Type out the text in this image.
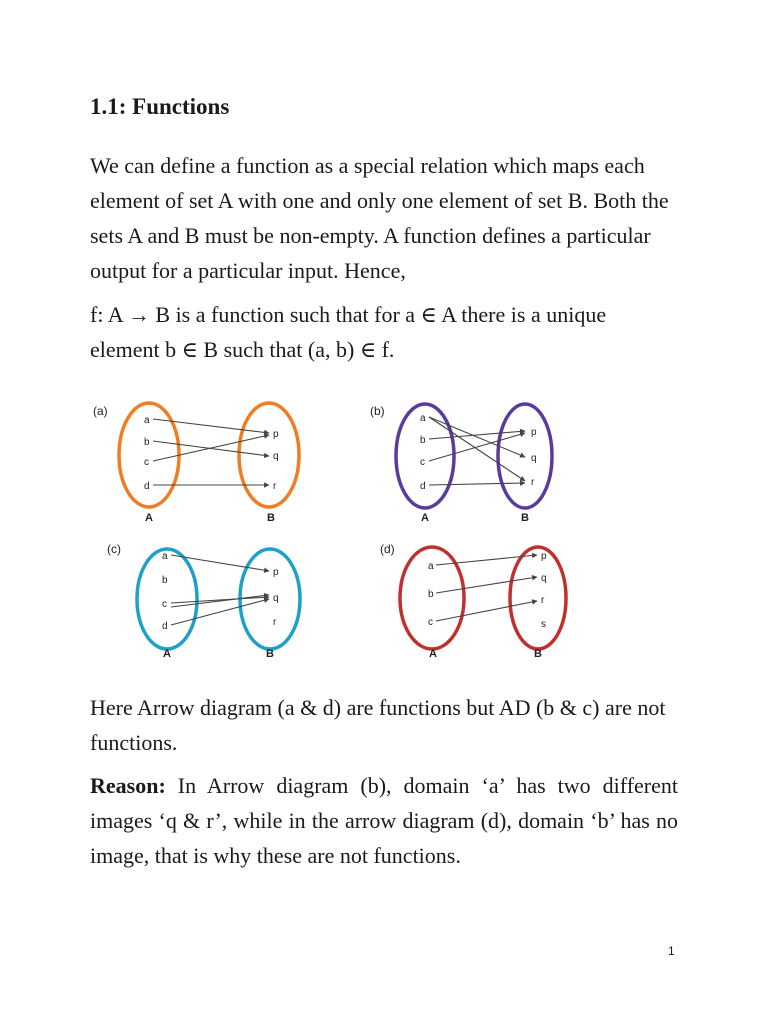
1.1: Functions

We can define a function as a special relation which maps each element of set A with one and only one element of set B. Both the sets A and B must be non-empty. A function defines a particular output for a particular input. Hence,

f: A → B is a function such that for a ∈ A there is a unique element b ∈ B such that (a, b) ∈ f.

(a)
a
b
c
d
p
q
r
A	B
(b)
a
b
c
d
p
q
r
A	B
(c)
a
b
c
d
p
q
r
A	B
(d)
a
b
c
p
q
r
s
A	B

Here Arrow diagram (a & d) are functions but AD (b & c) are not functions.

Reason: In Arrow diagram (b), domain ‘a’ has two different images ‘q & r’, while in the arrow diagram (d), domain ‘b’ has no image, that is why these are not functions.

1
